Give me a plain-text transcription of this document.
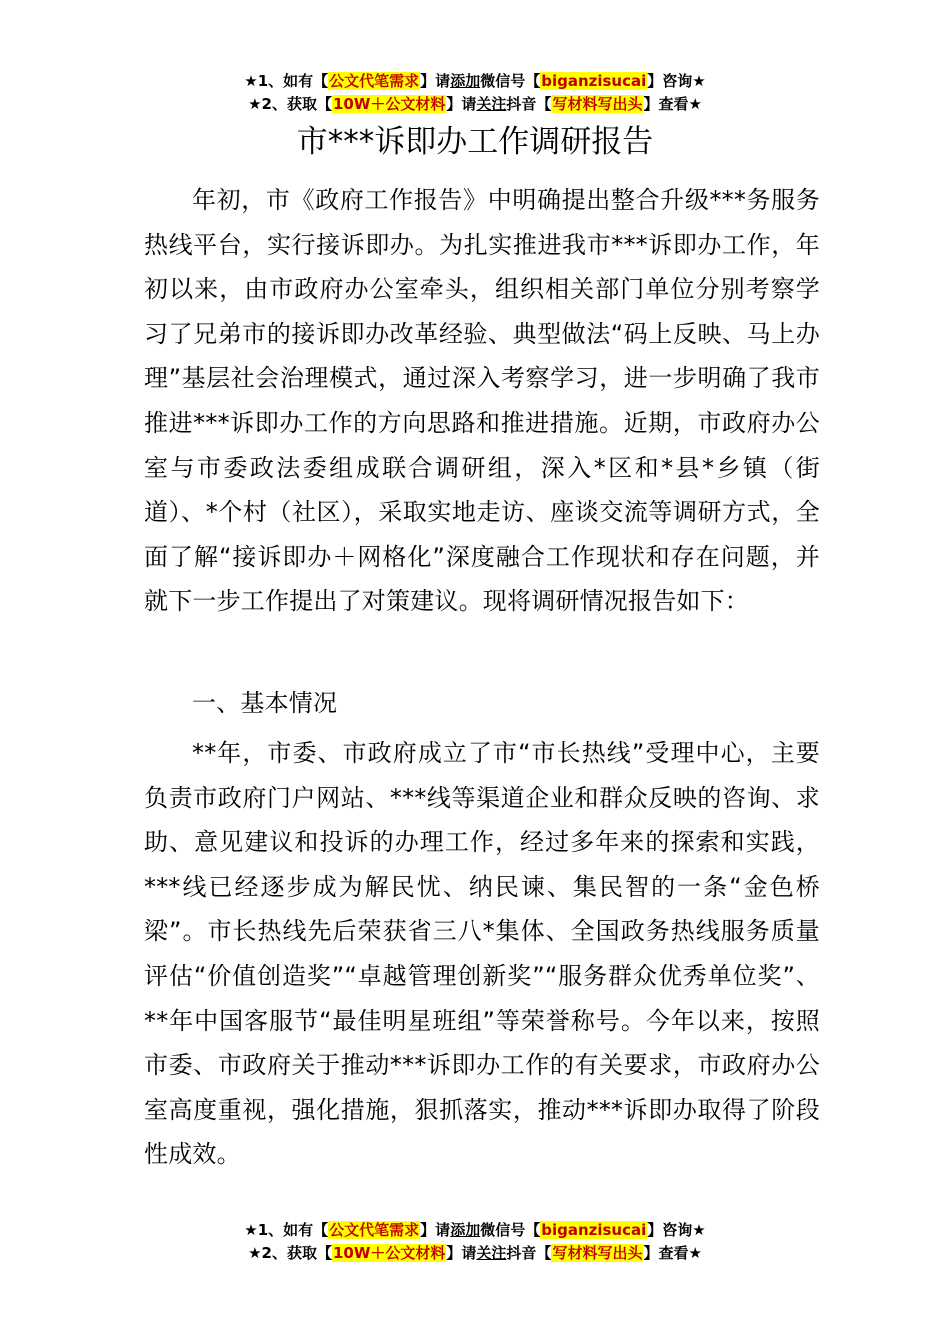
★1、如有【公文代笔需求】请添加微信号【biganzisucai】咨询★
★2、获取【10W＋公文材料】请关注抖音【写材料写出头】查看★
市***诉即办工作调研报告

年初，市《政府工作报告》中明确提出整合升级***务服务热线平台，实行接诉即办。为扎实推进我市***诉即办工作，年初以来，由市政府办公室牵头，组织相关部门单位分别考察学习了兄弟市的接诉即办改革经验、典型做法“码上反映、马上办理”基层社会治理模式，通过深入考察学习，进一步明确了我市推进***诉即办工作的方向思路和推进措施。近期，市政府办公室与市委政法委组成联合调研组，深入*区和*县*乡镇（街道）、*个村（社区），采取实地走访、座谈交流等调研方式，全面了解“接诉即办＋网格化”深度融合工作现状和存在问题，并就下一步工作提出了对策建议。现将调研情况报告如下：

一、基本情况

**年，市委、市政府成立了市“市长热线”受理中心，主要负责市政府门户网站、***线等渠道企业和群众反映的咨询、求助、意见建议和投诉的办理工作，经过多年来的探索和实践，***线已经逐步成为解民忧、纳民谏、集民智的一条“金色桥梁”。市长热线先后荣获省三八*集体、全国政务热线服务质量评估“价值创造奖”“卓越管理创新奖”“服务群众优秀单位奖”、**年中国客服节“最佳明星班组”等荣誉称号。今年以来，按照市委、市政府关于推动***诉即办工作的有关要求，市政府办公室高度重视，强化措施，狠抓落实，推动***诉即办取得了阶段性成效。

★1、如有【公文代笔需求】请添加微信号【biganzisucai】咨询★
★2、获取【10W＋公文材料】请关注抖音【写材料写出头】查看★
